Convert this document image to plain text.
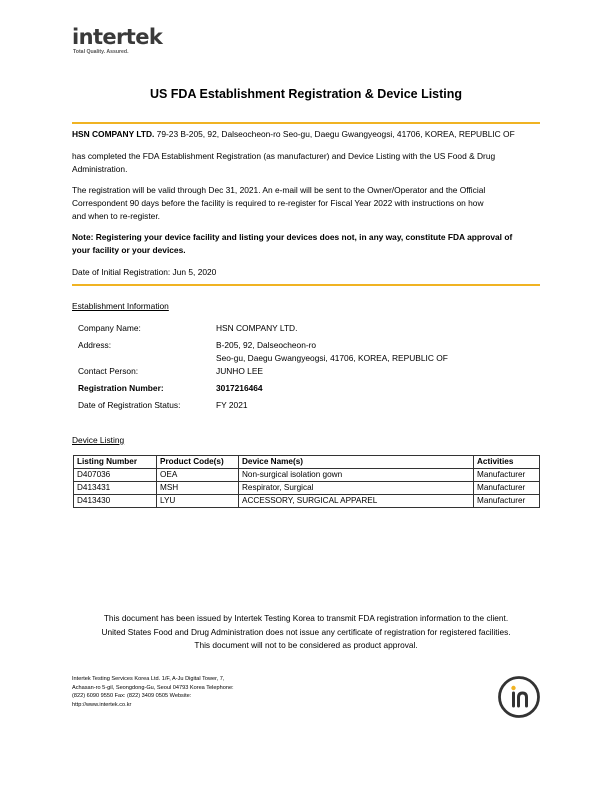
intertek
Total Quality. Assured.
US FDA Establishment Registration & Device Listing
HSN COMPANY LTD. 79-23 B-205, 92, Dalseocheon-ro Seo-gu, Daegu Gwangyeogsi, 41706, KOREA, REPUBLIC OF
has completed the FDA Establishment Registration (as manufacturer) and Device Listing with the US Food & Drug
Administration.
The registration will be valid through Dec 31, 2021. An e-mail will be sent to the Owner/Operator and the Official
Correspondent 90 days before the facility is required to re-register for Fiscal Year 2022 with instructions on how
and when to re-register.
Note: Registering your device facility and listing your devices does not, in any way, constitute FDA approval of
your facility or your devices.
Date of Initial Registration: Jun 5, 2020
Establishment Information
Company Name:	HSN COMPANY LTD.
Address:	B-205, 92, Dalseocheon-ro
Seo-gu, Daegu Gwangyeogsi, 41706, KOREA, REPUBLIC OF
Contact Person:	JUNHO LEE
Registration Number:	3017216464
Date of Registration Status:	FY 2021
Device Listing
Listing Number	Product Code(s)	Device Name(s)	Activities
D407036	OEA	Non-surgical isolation gown	Manufacturer
D413431	MSH	Respirator, Surgical	Manufacturer
D413430	LYU	ACCESSORY, SURGICAL APPAREL	Manufacturer
This document has been issued by Intertek Testing Korea to transmit FDA registration information to the client.
United States Food and Drug Administration does not issue any certificate of registration for registered facilities.
This document will not to be considered as product approval.
Intertek Testing Services Korea Ltd. 1/F, A-Ju Digital Tower, 7,
Achasan-ro 5-gil, Seongdong-Gu, Seoul 04793 Korea Telephone:
(822) 6090 9550 Fax: (822) 3409 0505 Website:
http://www.intertek.co.kr
